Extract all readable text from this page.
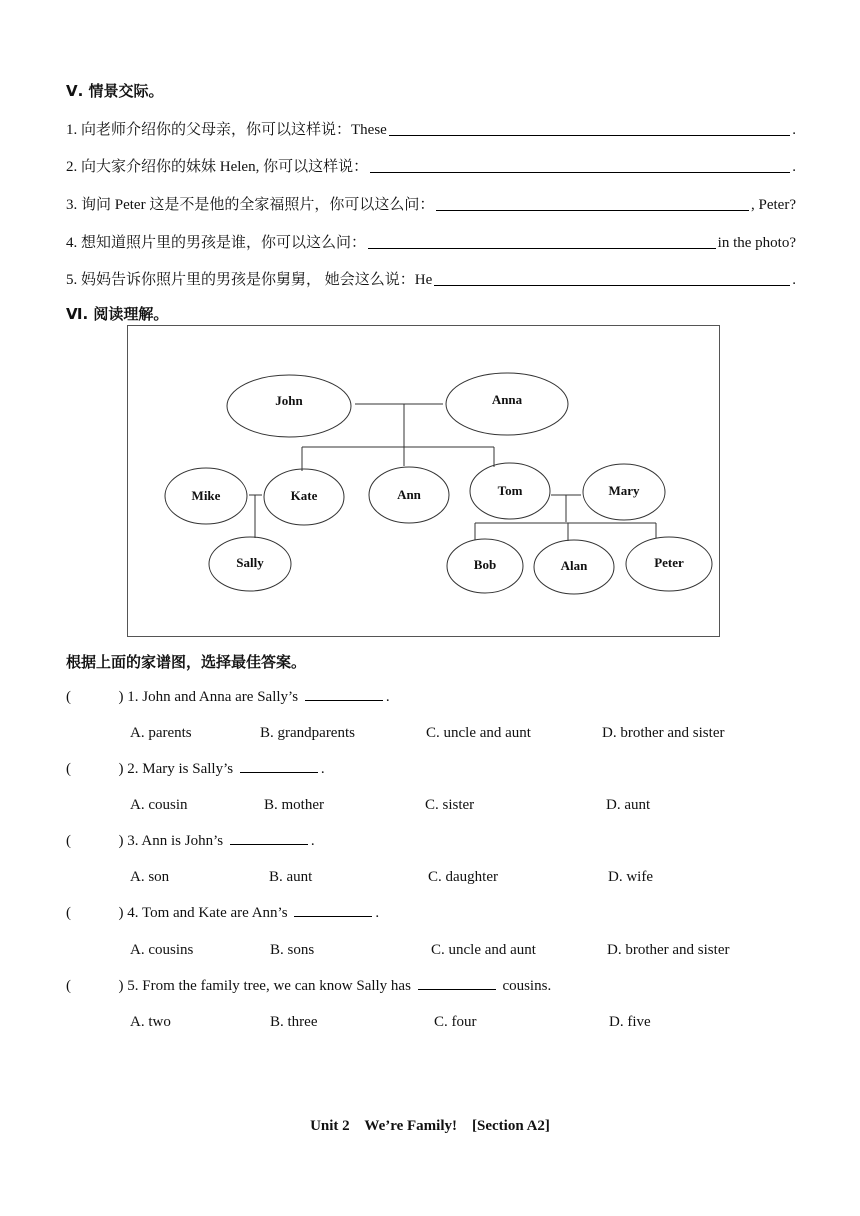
Ⅴ. 情景交际。
1. 向老师介绍你的父母亲，你可以这样说：These	.
2. 向大家介绍你的妹妹 Helen, 你可以这样说：	.
3. 询问 Peter 这是不是他的全家福照片，你可以这么问：	, Peter?
4. 想知道照片里的男孩是谁，你可以这么问：	in the photo?
5. 妈妈告诉你照片里的男孩是你舅舅， 她会这么说：He	.
Ⅵ. 阅读理解。
John	Anna
Mike	Kate	Ann	Tom	Mary
Sally	Bob	Alan	Peter
根据上面的家谱图，选择最佳答案。
(	) 1. John and Anna are Sally’s	.
A. parents	B. grandparents	C. uncle and aunt	D. brother and sister
(	) 2. Mary is Sally’s	.
A. cousin	B. mother	C. sister	D. aunt
(	) 3. Ann is John’s	.
A. son	B. aunt	C. daughter	D. wife
(	) 4. Tom and Kate are Ann’s	.
A. cousins	B. sons	C. uncle and aunt	D. brother and sister
(	) 5. From the family tree, we can know Sally has	cousins.
A. two	B. three	C. four	D. five
Unit 2    We’re Family!    [Section A2]
